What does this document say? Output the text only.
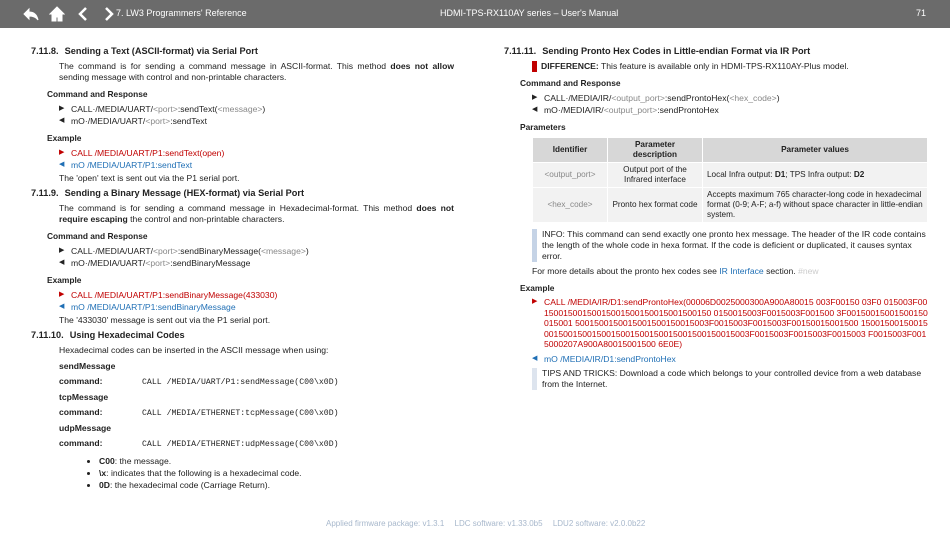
7. LW3 Programmers' Reference	HDMI-TPS-RX110AY series – User's Manual	71
7.11.8. Sending a Text (ASCII-format) via Serial Port

The command is for sending a command message in ASCII-format. This method does not allow sending message with control and non-printable characters.

Command and Response
▶ CALL·/MEDIA/UART/<port>:sendText(<message>)
◀ mO·/MEDIA/UART/<port>:sendText
Example
▶ CALL /MEDIA/UART/P1:sendText(open)
◀ mO /MEDIA/UART/P1:sendText

The 'open' text is sent out via the P1 serial port.

7.11.9. Sending a Binary Message (HEX-format) via Serial Port

The command is for sending a command message in Hexadecimal-format. This method does not require escaping the control and non-printable characters.

Command and Response
▶ CALL·/MEDIA/UART/<port>:sendBinaryMessage(<message>)
◀ mO·/MEDIA/UART/<port>:sendBinaryMessage
Example
▶ CALL /MEDIA/UART/P1:sendBinaryMessage(433030)
◀ mO /MEDIA/UART/P1:sendBinaryMessage

The '433030' message is sent out via the P1 serial port.

7.11.10. Using Hexadecimal Codes

Hexadecimal codes can be inserted in the ASCII message when using:

sendMessage command:	CALL /MEDIA/UART/P1:sendMessage(C00\x0D)
tcpMessage command:	CALL /MEDIA/ETHERNET:tcpMessage(C00\x0D)
udpMessage command:	CALL /MEDIA/ETHERNET:udpMessage(C00\x0D)
• C00: the message.
• \x: indicates that the following is a hexadecimal code.
• 0D: the hexadecimal code (Carriage Return).
7.11.11. Sending Pronto Hex Codes in Little-endian Format via IR Port

DIFFERENCE: This feature is available only in HDMI-TPS-RX110AY-Plus model.

Command and Response
▶ CALL·/MEDIA/IR/<output_port>:sendProntoHex(<hex_code>)
◀ mO·/MEDIA/IR/<output_port>:sendProntoHex
Parameters
Identifier	Parameter description	Parameter values
<output_port>	Output port of the Infrared interface	Local Infra output: D1; TPS Infra output: D2
<hex_code>	Pronto hex format code	Accepts maximum 765 character-long code in hexadecimal format (0-9; A-F; a-f) without space character in little-endian system.

INFO: This command can send exactly one pronto hex message. The header of the IR code contains the length of the whole code in hexa format. If the code is deficient or duplicated, it causes syntax error.

For more details about the pronto hex codes see IR Interface section. #new

Example
▶ CALL /MEDIA/IR/D1:sendProntoHex(00006D0025000300A900A80015 003F00150 03F0 015003F0015001500150015001500150015001500150 0150015003F0015003F001500 3F00150015001500150 015001 5001500150015001500150015003F0015003F0015003F00150015001500 150015001500150015001500150015001500150015001500150015003F0015003F0015003F0015003 F0015003F0015000207A900A80015001500 6E0E)
◀ mO /MEDIA/IR/D1:sendProntoHex

TIPS AND TRICKS: Download a code which belongs to your controlled device from a web database from the Internet.

Applied firmware package: v1.3.1 LDC software: v1.33.0b5 LDU2 software: v2.0.0b22
